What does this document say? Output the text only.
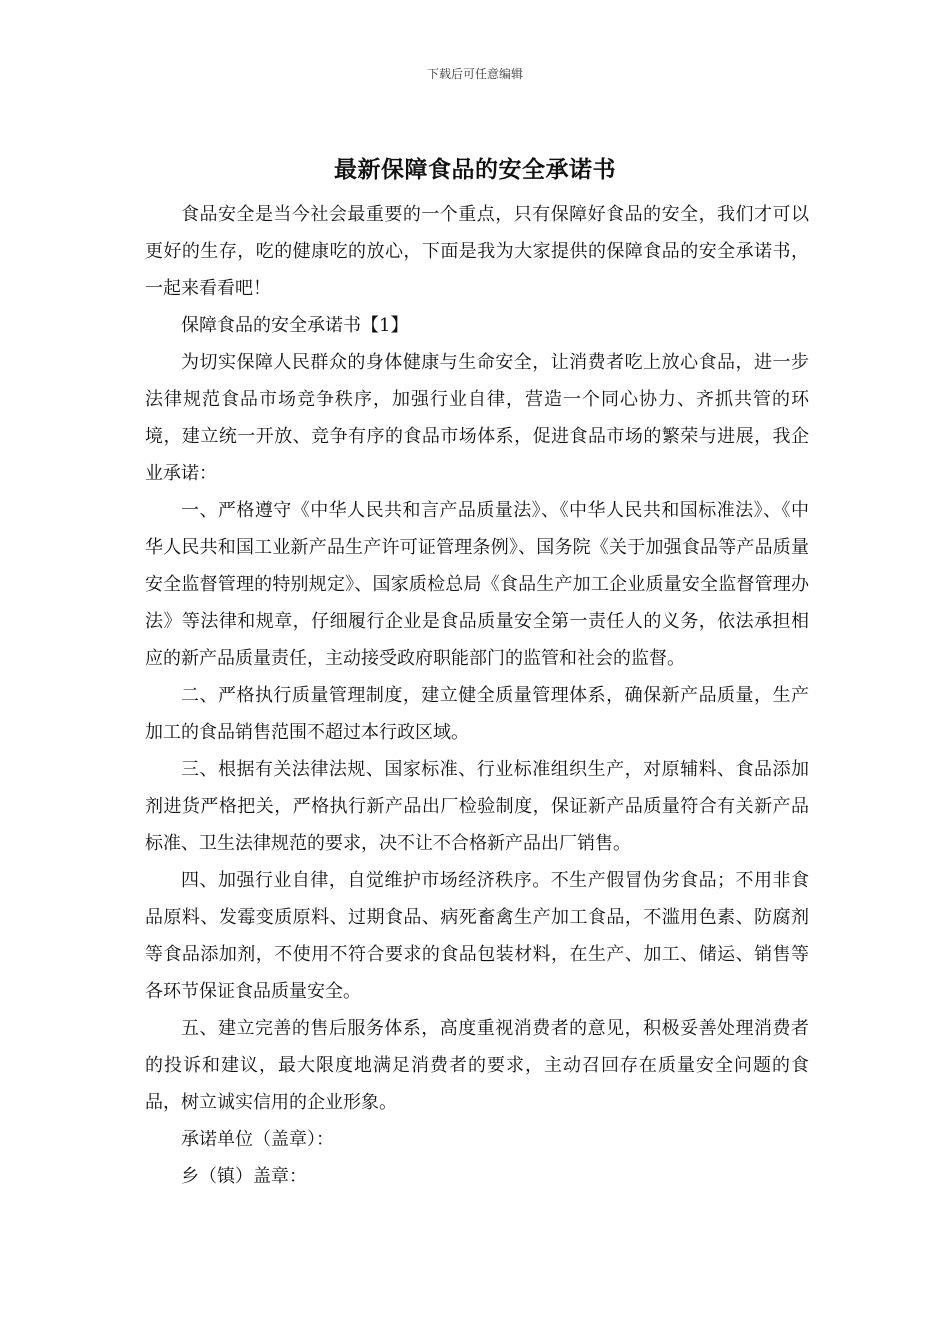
下载后可任意编辑
最新保障食品的安全承诺书

食品安全是当今社会最重要的一个重点，只有保障好食品的安全，我们才可以更好的生存，吃的健康吃的放心，下面是我为大家提供的保障食品的安全承诺书，一起来看看吧！

保障食品的安全承诺书【1】

为切实保障人民群众的身体健康与生命安全，让消费者吃上放心食品，进一步法律规范食品市场竞争秩序，加强行业自律，营造一个同心协力、齐抓共管的环境，建立统一开放、竞争有序的食品市场体系，促进食品市场的繁荣与进展，我企业承诺：

一、严格遵守《中华人民共和言产品质量法》、《中华人民共和国标准法》、《中华人民共和国工业新产品生产许可证管理条例》、国务院《关于加强食品等产品质量安全监督管理的特别规定》、国家质检总局《食品生产加工企业质量安全监督管理办法》等法律和规章，仔细履行企业是食品质量安全第一责任人的义务，依法承担相应的新产品质量责任，主动接受政府职能部门的监管和社会的监督。

二、严格执行质量管理制度，建立健全质量管理体系，确保新产品质量，生产加工的食品销售范围不超过本行政区域。

三、根据有关法律法规、国家标准、行业标准组织生产，对原辅料、食品添加剂进货严格把关，严格执行新产品出厂检验制度，保证新产品质量符合有关新产品标准、卫生法律规范的要求，决不让不合格新产品出厂销售。

四、加强行业自律，自觉维护市场经济秩序。不生产假冒伪劣食品；不用非食品原料、发霉变质原料、过期食品、病死畜禽生产加工食品，不滥用色素、防腐剂等食品添加剂，不使用不符合要求的食品包装材料，在生产、加工、储运、销售等各环节保证食品质量安全。

五、建立完善的售后服务体系，高度重视消费者的意见，积极妥善处理消费者的投诉和建议，最大限度地满足消费者的要求，主动召回存在质量安全问题的食品，树立诚实信用的企业形象。

承诺单位（盖章）：

乡（镇）盖章：
